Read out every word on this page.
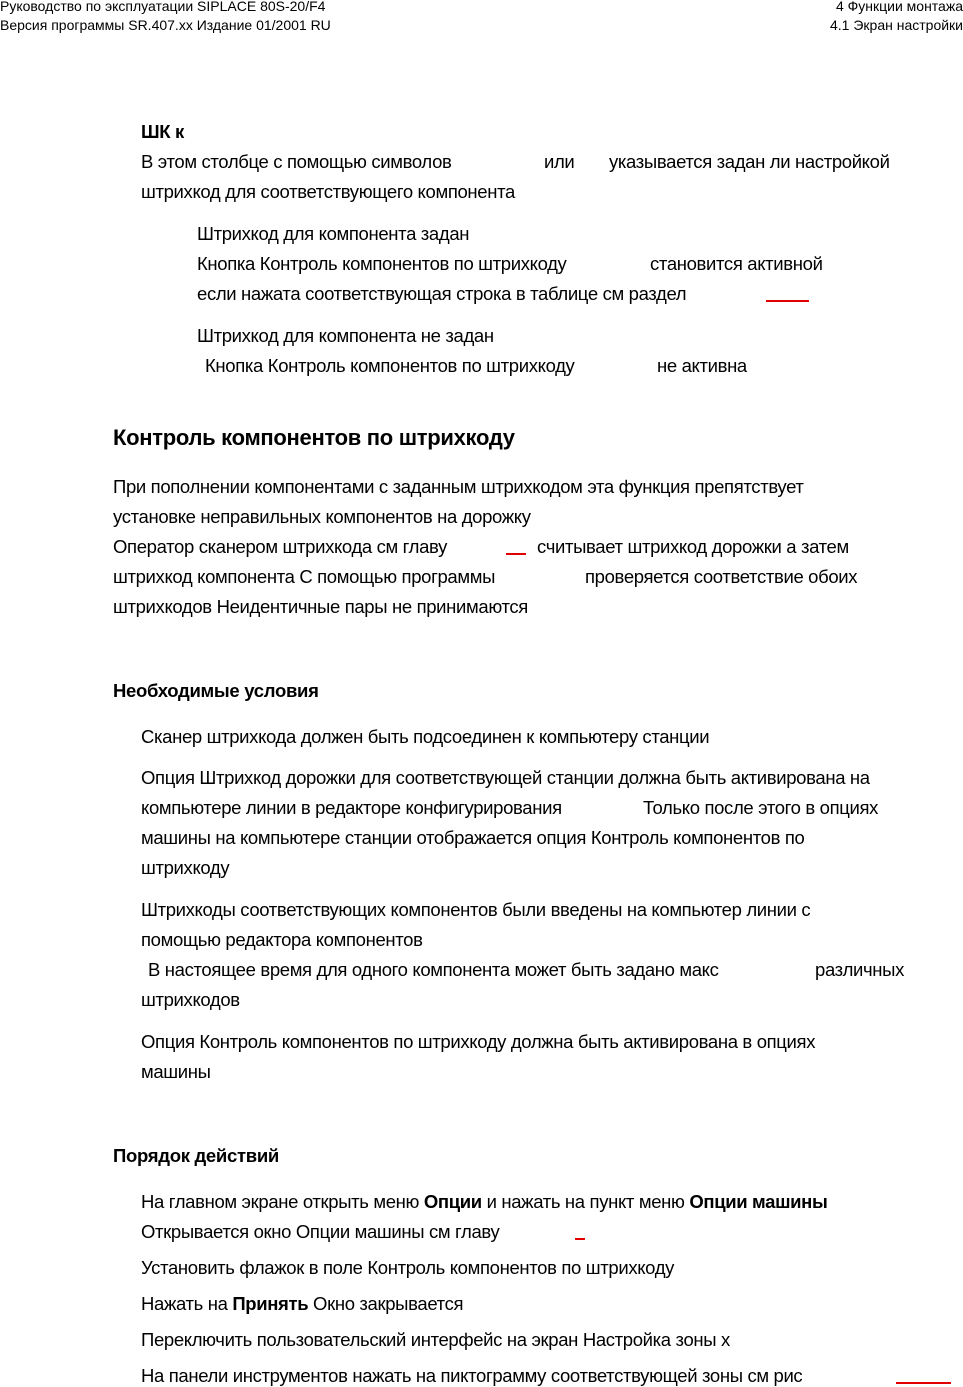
Руководство по эксплуатации SIPLACE 80S-20/F4
Версия программы SR.407.xx Издание 01/2001 RU
4 Функции монтажа
4.1 Экран настройки
ШК к
В этом столбце с помощью символов	или указывается задан ли настройкой
штрихкод для соответствующего компонента
Штрихкод для компонента задан
Кнопка Контроль компонентов по штрихкоду	становится активной
если нажата соответствующая строка в таблице см раздел
Штрихкод для компонента не задан
Кнопка Контроль компонентов по штрихкоду	не активна
Контроль компонентов по штрихкоду
При пополнении компонентами с заданным штрихкодом эта функция препятствует
установке неправильных компонентов на дорожку
Оператор сканером штрихкода см главу	считывает штрихкод дорожки а затем
штрихкод компонента С помощью программы	проверяется соответствие обоих
штрихкодов Неидентичные пары не принимаются
Необходимые условия
Сканер штрихкода должен быть подсоединен к компьютеру станции
Опция Штрихкод дорожки для соответствующей станции должна быть активирована на
компьютере линии в редакторе конфигурирования	Только после этого в опциях
машины на компьютере станции отображается опция Контроль компонентов по
штрихкоду
Штрихкоды соответствующих компонентов были введены на компьютер линии с
помощью редактора компонентов
В настоящее время для одного компонента может быть задано макс	различных
штрихкодов
Опция Контроль компонентов по штрихкоду должна быть активирована в опциях
машины
Порядок действий
На главном экране открыть меню Опции и нажать на пункт меню Опции машины
Открывается окно Опции машины см главу
Установить флажок в поле Контроль компонентов по штрихкоду
Нажать на Принять Окно закрывается
Переключить пользовательский интерфейс на экран Настройка зоны х
На панели инструментов нажать на пиктограмму соответствующей зоны см рис
